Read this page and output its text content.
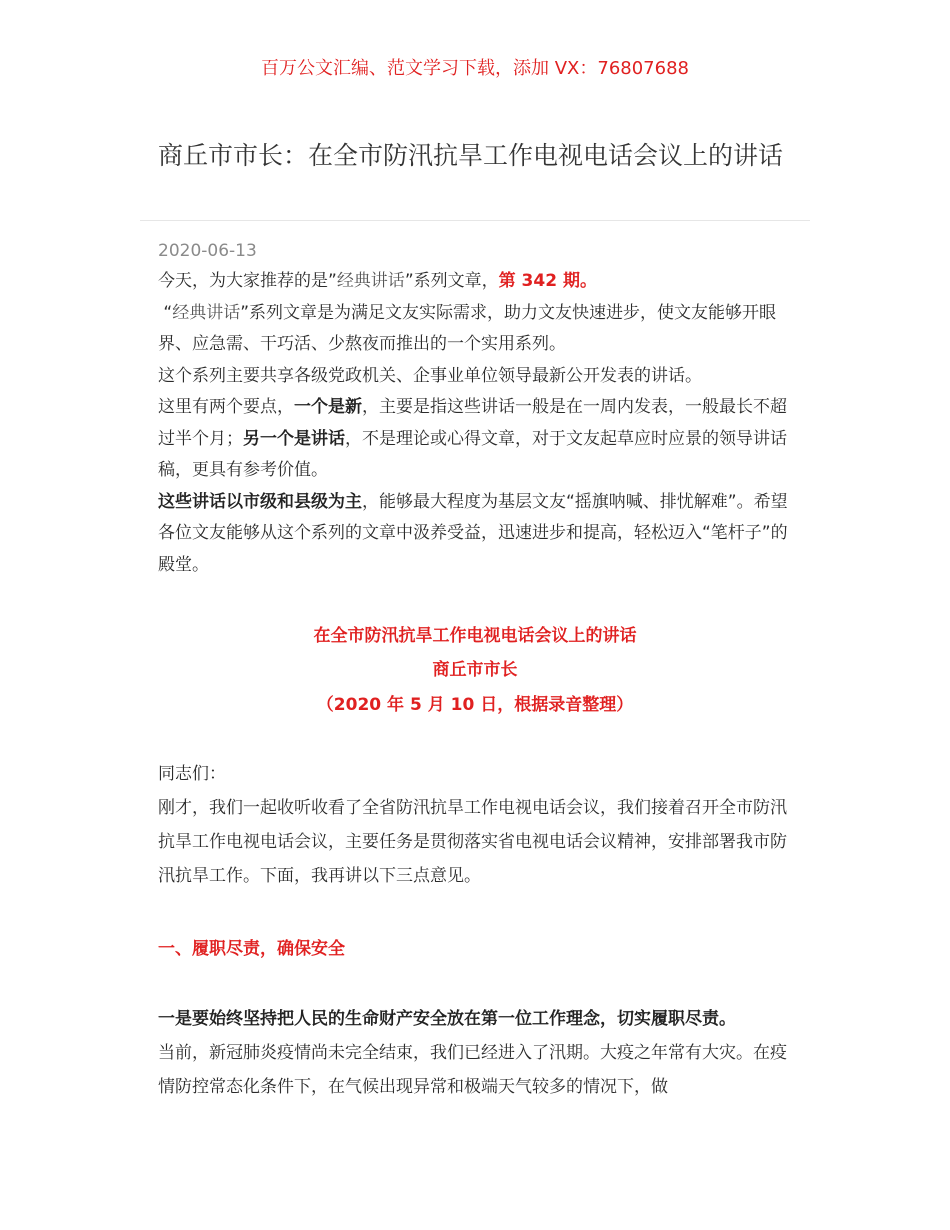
百万公文汇编、范文学习下载，添加 VX：76807688
商丘市市长：在全市防汛抗旱工作电视电话会议上的讲话
2020-06-13

今天，为大家推荐的是”经典讲话”系列文章，第 342 期。

“经典讲话”系列文章是为满足文友实际需求，助力文友快速进步，使文友能够开眼界、应急需、干巧活、少熬夜而推出的一个实用系列。

这个系列主要共享各级党政机关、企事业单位领导最新公开发表的讲话。

这里有两个要点，一个是新，主要是指这些讲话一般是在一周内发表，一般最长不超过半个月；另一个是讲话，不是理论或心得文章，对于文友起草应时应景的领导讲话稿，更具有参考价值。

这些讲话以市级和县级为主，能够最大程度为基层文友“摇旗呐喊、排忧解难”。希望各位文友能够从这个系列的文章中汲养受益，迅速进步和提高，轻松迈入“笔杆子”的殿堂。

在全市防汛抗旱工作电视电话会议上的讲话
商丘市市长
（2020 年 5 月 10 日，根据录音整理）

同志们：

刚才，我们一起收听收看了全省防汛抗旱工作电视电话会议，我们接着召开全市防汛抗旱工作电视电话会议，主要任务是贯彻落实省电视电话会议精神，安排部署我市防汛抗旱工作。下面，我再讲以下三点意见。

一、履职尽责，确保安全

一是要始终坚持把人民的生命财产安全放在第一位工作理念，切实履职尽责。

当前，新冠肺炎疫情尚未完全结束，我们已经进入了汛期。大疫之年常有大灾。在疫情防控常态化条件下，在气候出现异常和极端天气较多的情况下，做
